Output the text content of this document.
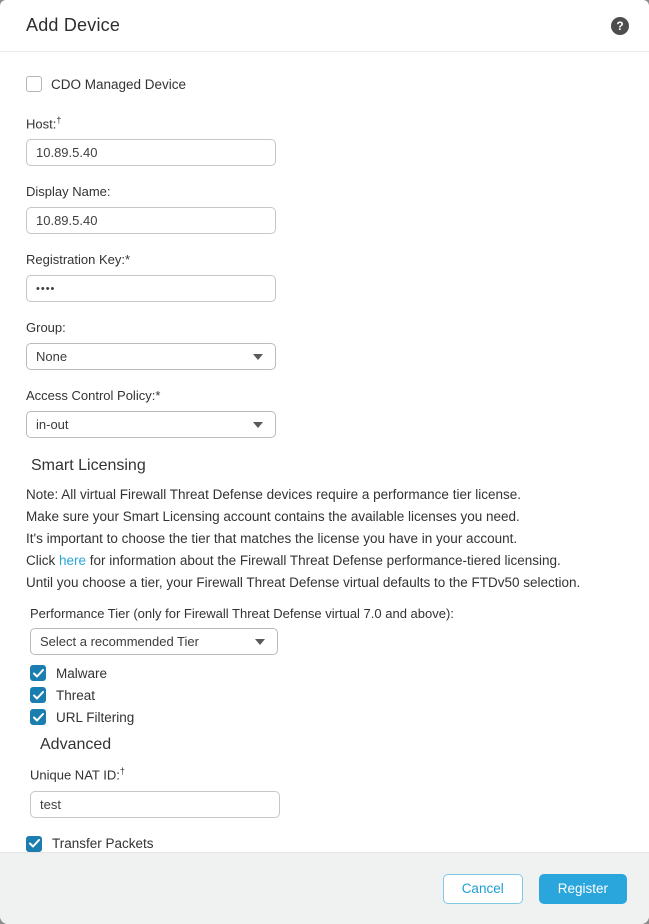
Add Device	?
CDO Managed Device
Host:†
10.89.5.40
Display Name:
10.89.5.40
Registration Key:*
••••
Group:
None
Access Control Policy:*
in-out
Smart Licensing
Note: All virtual Firewall Threat Defense devices require a performance tier license.
Make sure your Smart Licensing account contains the available licenses you need.
It's important to choose the tier that matches the license you have in your account.
Click here for information about the Firewall Threat Defense performance-tiered licensing.
Until you choose a tier, your Firewall Threat Defense virtual defaults to the FTDv50 selection.
Performance Tier (only for Firewall Threat Defense virtual 7.0 and above):
Select a recommended Tier
Malware
Threat
URL Filtering
Advanced
Unique NAT ID:†
test
Transfer Packets
Cancel	Register
